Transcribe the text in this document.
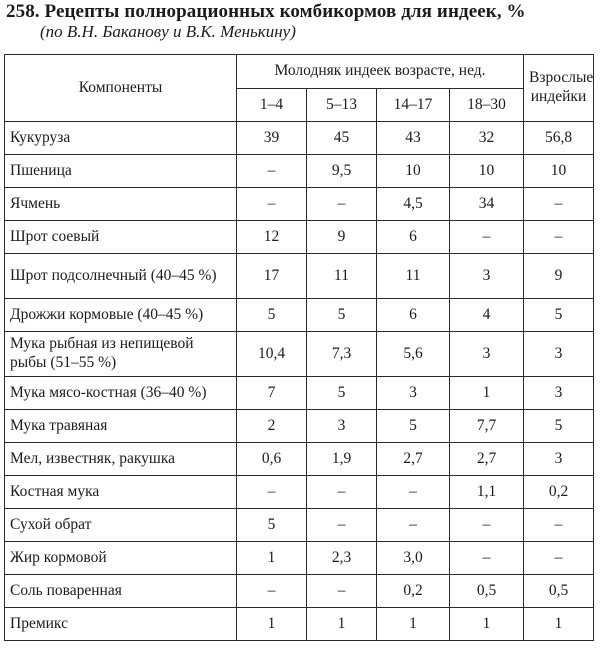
258. Рецепты полнорационных комбикормов для индеек, %
(по В.Н. Баканову и В.К. Менькину)
Компоненты	Молодняк индеек возрасте, нед.				Взрослые индейки
	1–4	5–13	14–17	18–30	
Кукуруза	39	45	43	32	56,8
Пшеница	–	9,5	10	10	10
Ячмень	–	–	4,5	34	–
Шрот соевый	12	9	6	–	–
Шрот подсолнечный (40–45 %)	17	11	11	3	9
Дрожжи кормовые (40–45 %)	5	5	6	4	5
Мука рыбная из непищевой рыбы (51–55 %)	10,4	7,3	5,6	3	3
Мука мясо-костная (36–40 %)	7	5	3	1	3
Мука травяная	2	3	5	7,7	5
Мел, известняк, ракушка	0,6	1,9	2,7	2,7	3
Костная мука	–	–	–	1,1	0,2
Сухой обрат	5	–	–	–	–
Жир кормовой	1	2,3	3,0	–	–
Соль поваренная	–	–	0,2	0,5	0,5
Премикс	1	1	1	1	1
